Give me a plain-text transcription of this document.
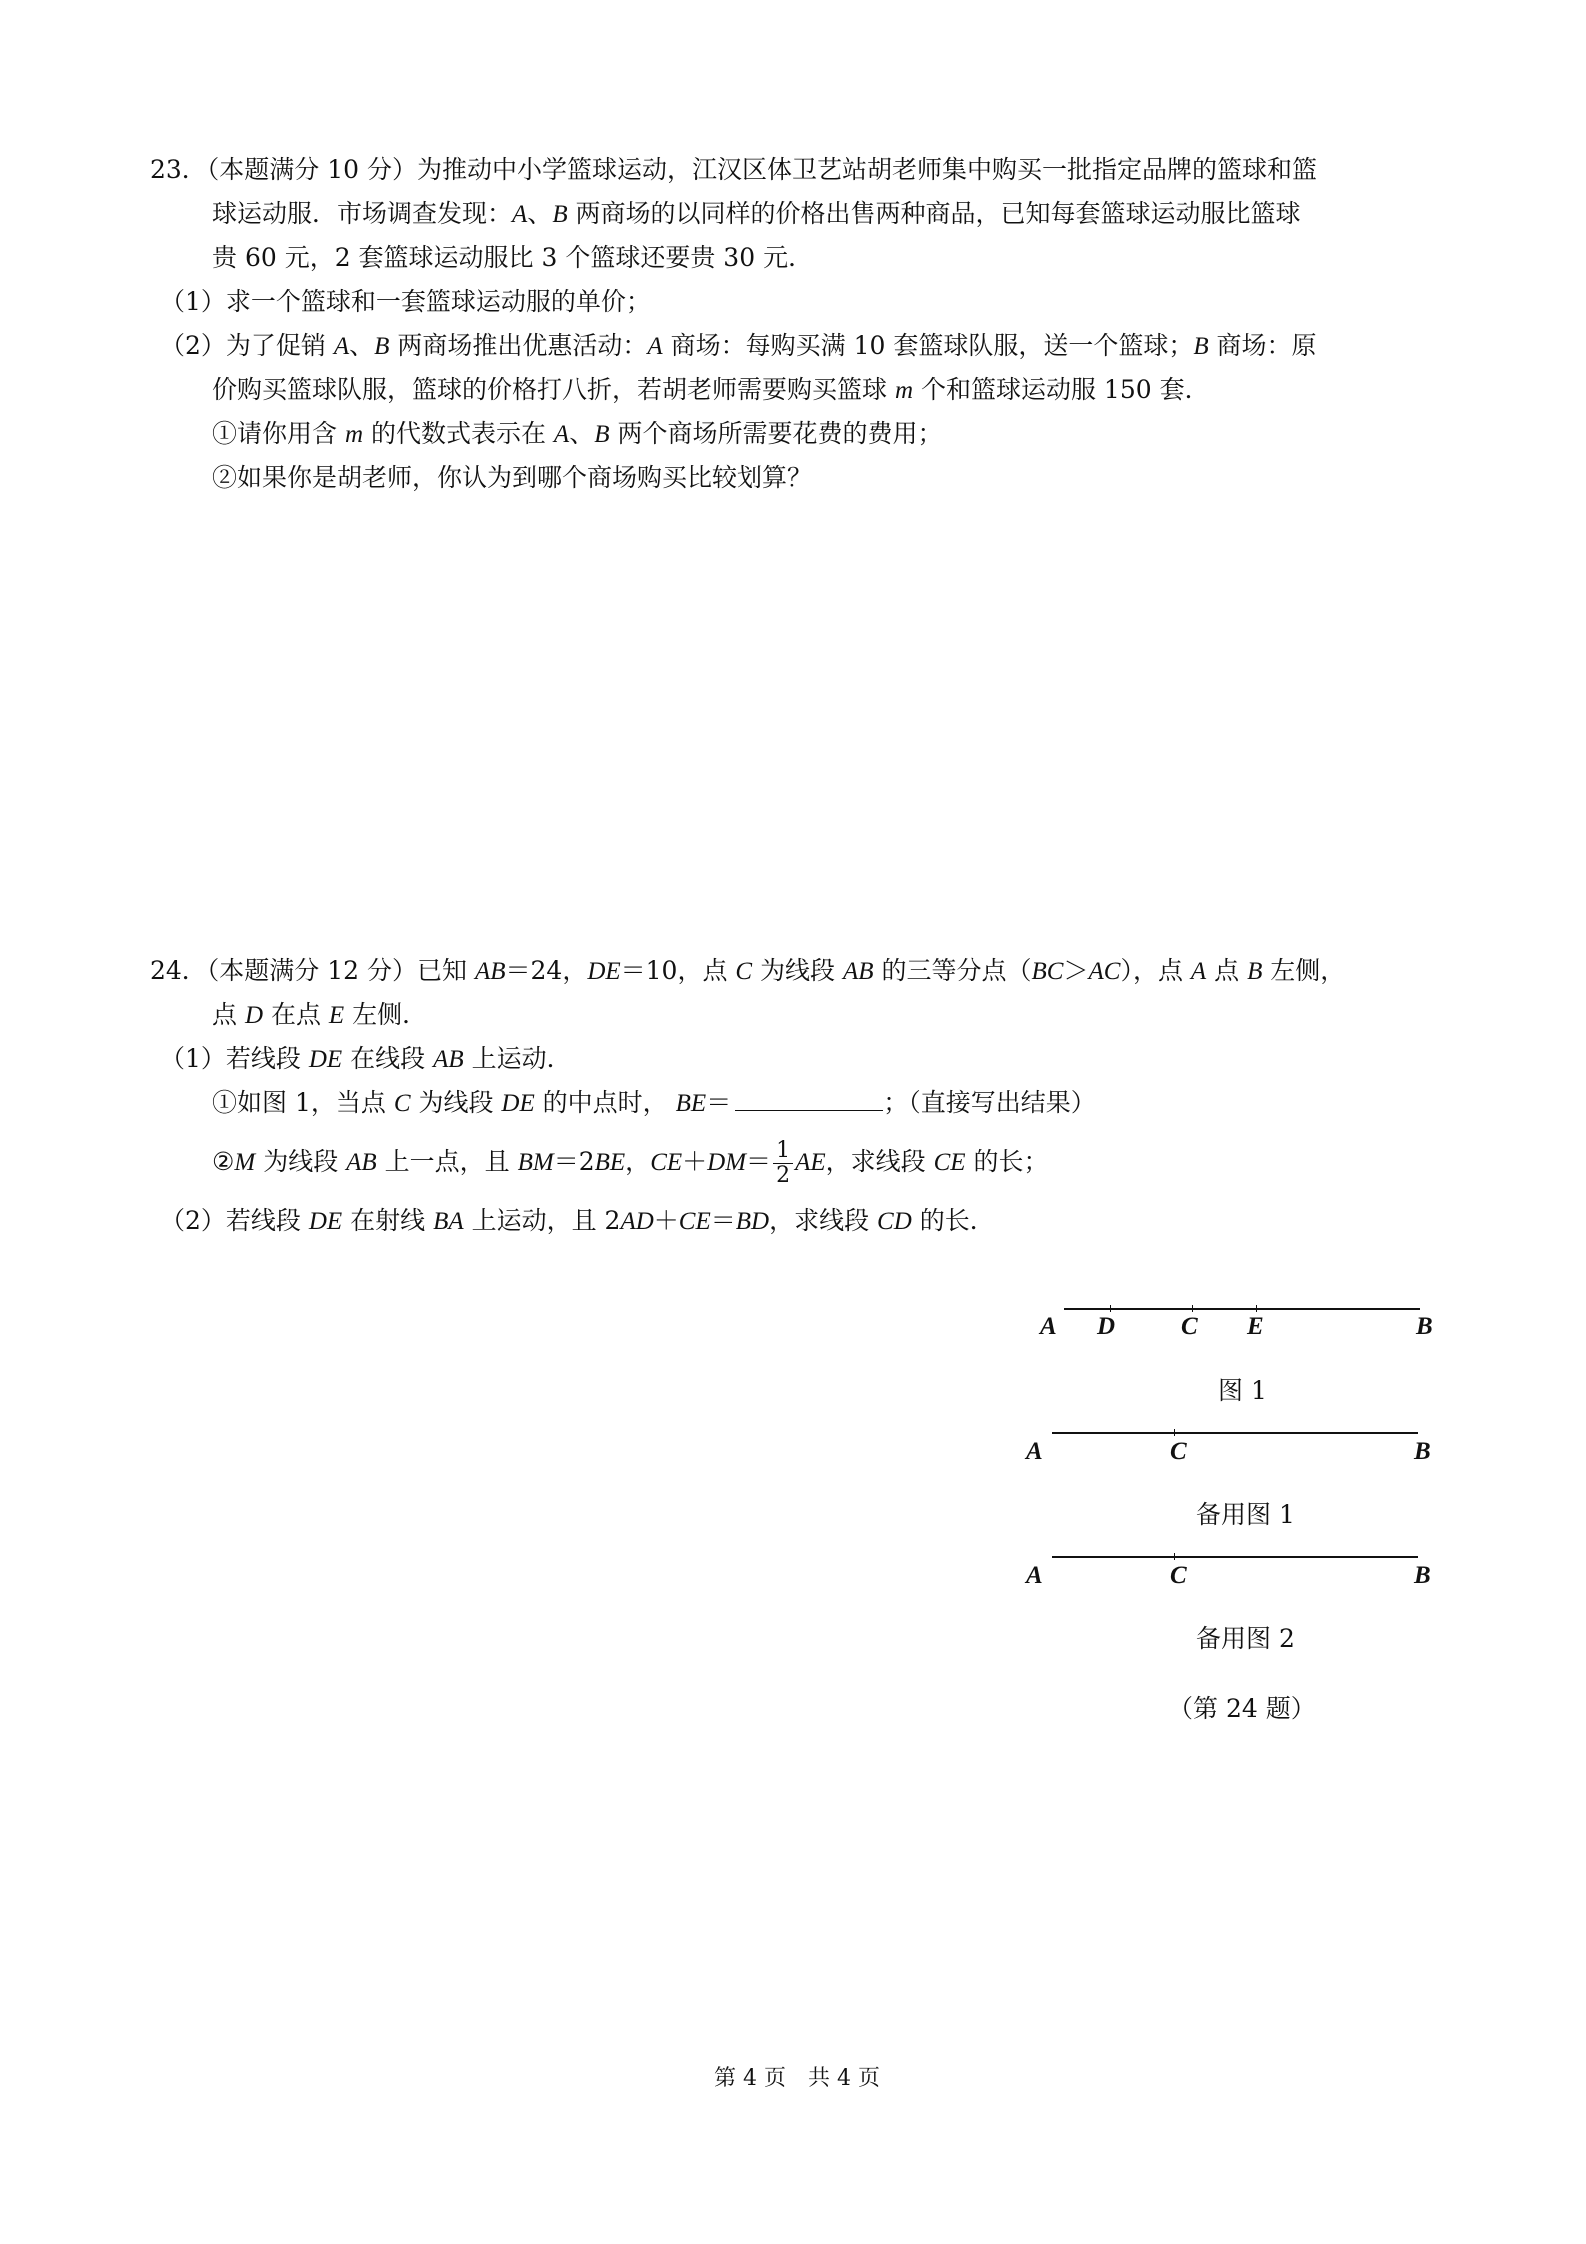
23．（本题满分 10 分）为推动中小学篮球运动，江汉区体卫艺站胡老师集中购买一批指定品牌的篮球和篮
球运动服．市场调查发现：A、B 两商场的以同样的价格出售两种商品，已知每套篮球运动服比篮球
贵 60 元，2 套篮球运动服比 3 个篮球还要贵 30 元．
（1）求一个篮球和一套篮球运动服的单价；
（2）为了促销 A、B 两商场推出优惠活动：A 商场：每购买满 10 套篮球队服，送一个篮球；B 商场：原
价购买篮球队服，篮球的价格打八折，若胡老师需要购买篮球 m 个和篮球运动服 150 套．
①请你用含 m 的代数式表示在 A、B 两个商场所需要花费的费用；
②如果你是胡老师，你认为到哪个商场购买比较划算？
24．（本题满分 12 分）已知 AB＝24，DE＝10，点 C 为线段 AB 的三等分点（BC＞AC），点 A 点 B 左侧，
点 D 在点 E 左侧．
（1）若线段 DE 在线段 AB 上运动．
①如图 1，当点 C 为线段 DE 的中点时， BE＝	；（直接写出结果）
②M 为线段 AB 上一点，且 BM＝2BE，$CE+DM= \frac{1}{2}$ AE，求线段 CE 的长；
（2）若线段 DE 在射线 BA 上运动，且 2AD＋CE＝BD，求线段 CD 的长．
A D	C E	B
图 1
A	C	B
备用图 1
A	C	B
备用图 2
（第 24 题）
第 4 页　共 4 页
